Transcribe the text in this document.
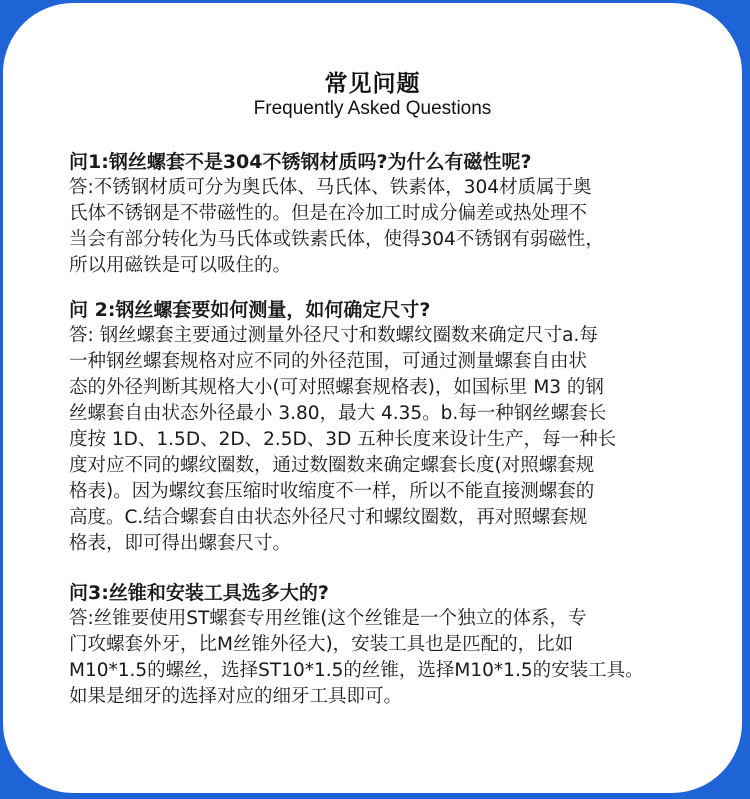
常见问题
Frequently Asked Questions
问1:钢丝螺套不是304不锈钢材质吗?为什么有磁性呢?
答:不锈钢材质可分为奥氏体、马氏体、铁素体，304材质属于奥
氏体不锈钢是不带磁性的。但是在冷加工时成分偏差或热处理不
当会有部分转化为马氏体或铁素氏体，使得304不锈钢有弱磁性，
所以用磁铁是可以吸住的。
问 2:钢丝螺套要如何测量，如何确定尺寸?
答: 钢丝螺套主要通过测量外径尺寸和数螺纹圈数来确定尺寸a.每
一种钢丝螺套规格对应不同的外径范围，可通过测量螺套自由状
态的外径判断其规格大小(可对照螺套规格表)，如国标里 M3 的钢
丝螺套自由状态外径最小 3.80，最大 4.35。b.每一种钢丝螺套长
度按 1D、1.5D、2D、2.5D、3D 五种长度来设计生产，每一种长
度对应不同的螺纹圈数，通过数圈数来确定螺套长度(对照螺套规
格表)。因为螺纹套压缩时收缩度不一样，所以不能直接测螺套的
高度。C.结合螺套自由状态外径尺寸和螺纹圈数，再对照螺套规
格表，即可得出螺套尺寸。
问3:丝锥和安装工具选多大的?
答:丝锥要使用ST螺套专用丝锥(这个丝锥是一个独立的体系，专
门攻螺套外牙，比M丝锥外径大)，安装工具也是匹配的，比如
M10*1.5的螺丝，选择ST10*1.5的丝锥，选择M10*1.5的安装工具。
如果是细牙的选择对应的细牙工具即可。
